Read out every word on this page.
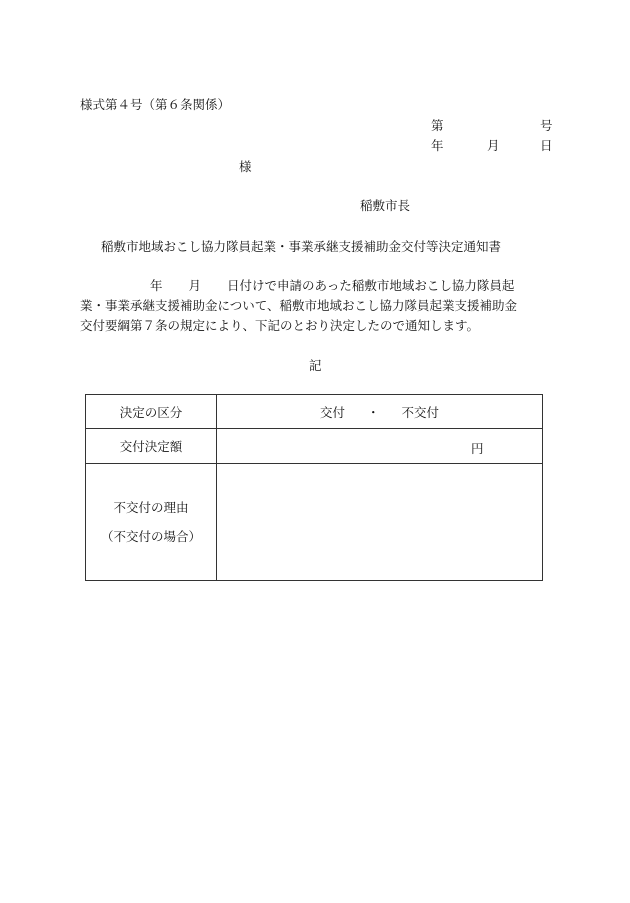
様式第４号（第６条関係）
第	号
年	月	日
様
稲敷市長
稲敷市地域おこし協力隊員起業・事業承継支援補助金交付等決定通知書
年 月 日付けで申請のあった稲敷市地域おこし協力隊員起
業・事業承継支援補助金について、稲敷市地域おこし協力隊員起業支援補助金
交付要綱第７条の規定により、下記のとおり決定したので通知します。
記
決定の区分	交付 ・ 不交付
交付決定額	円

不交付の理由
（不交付の場合）	
